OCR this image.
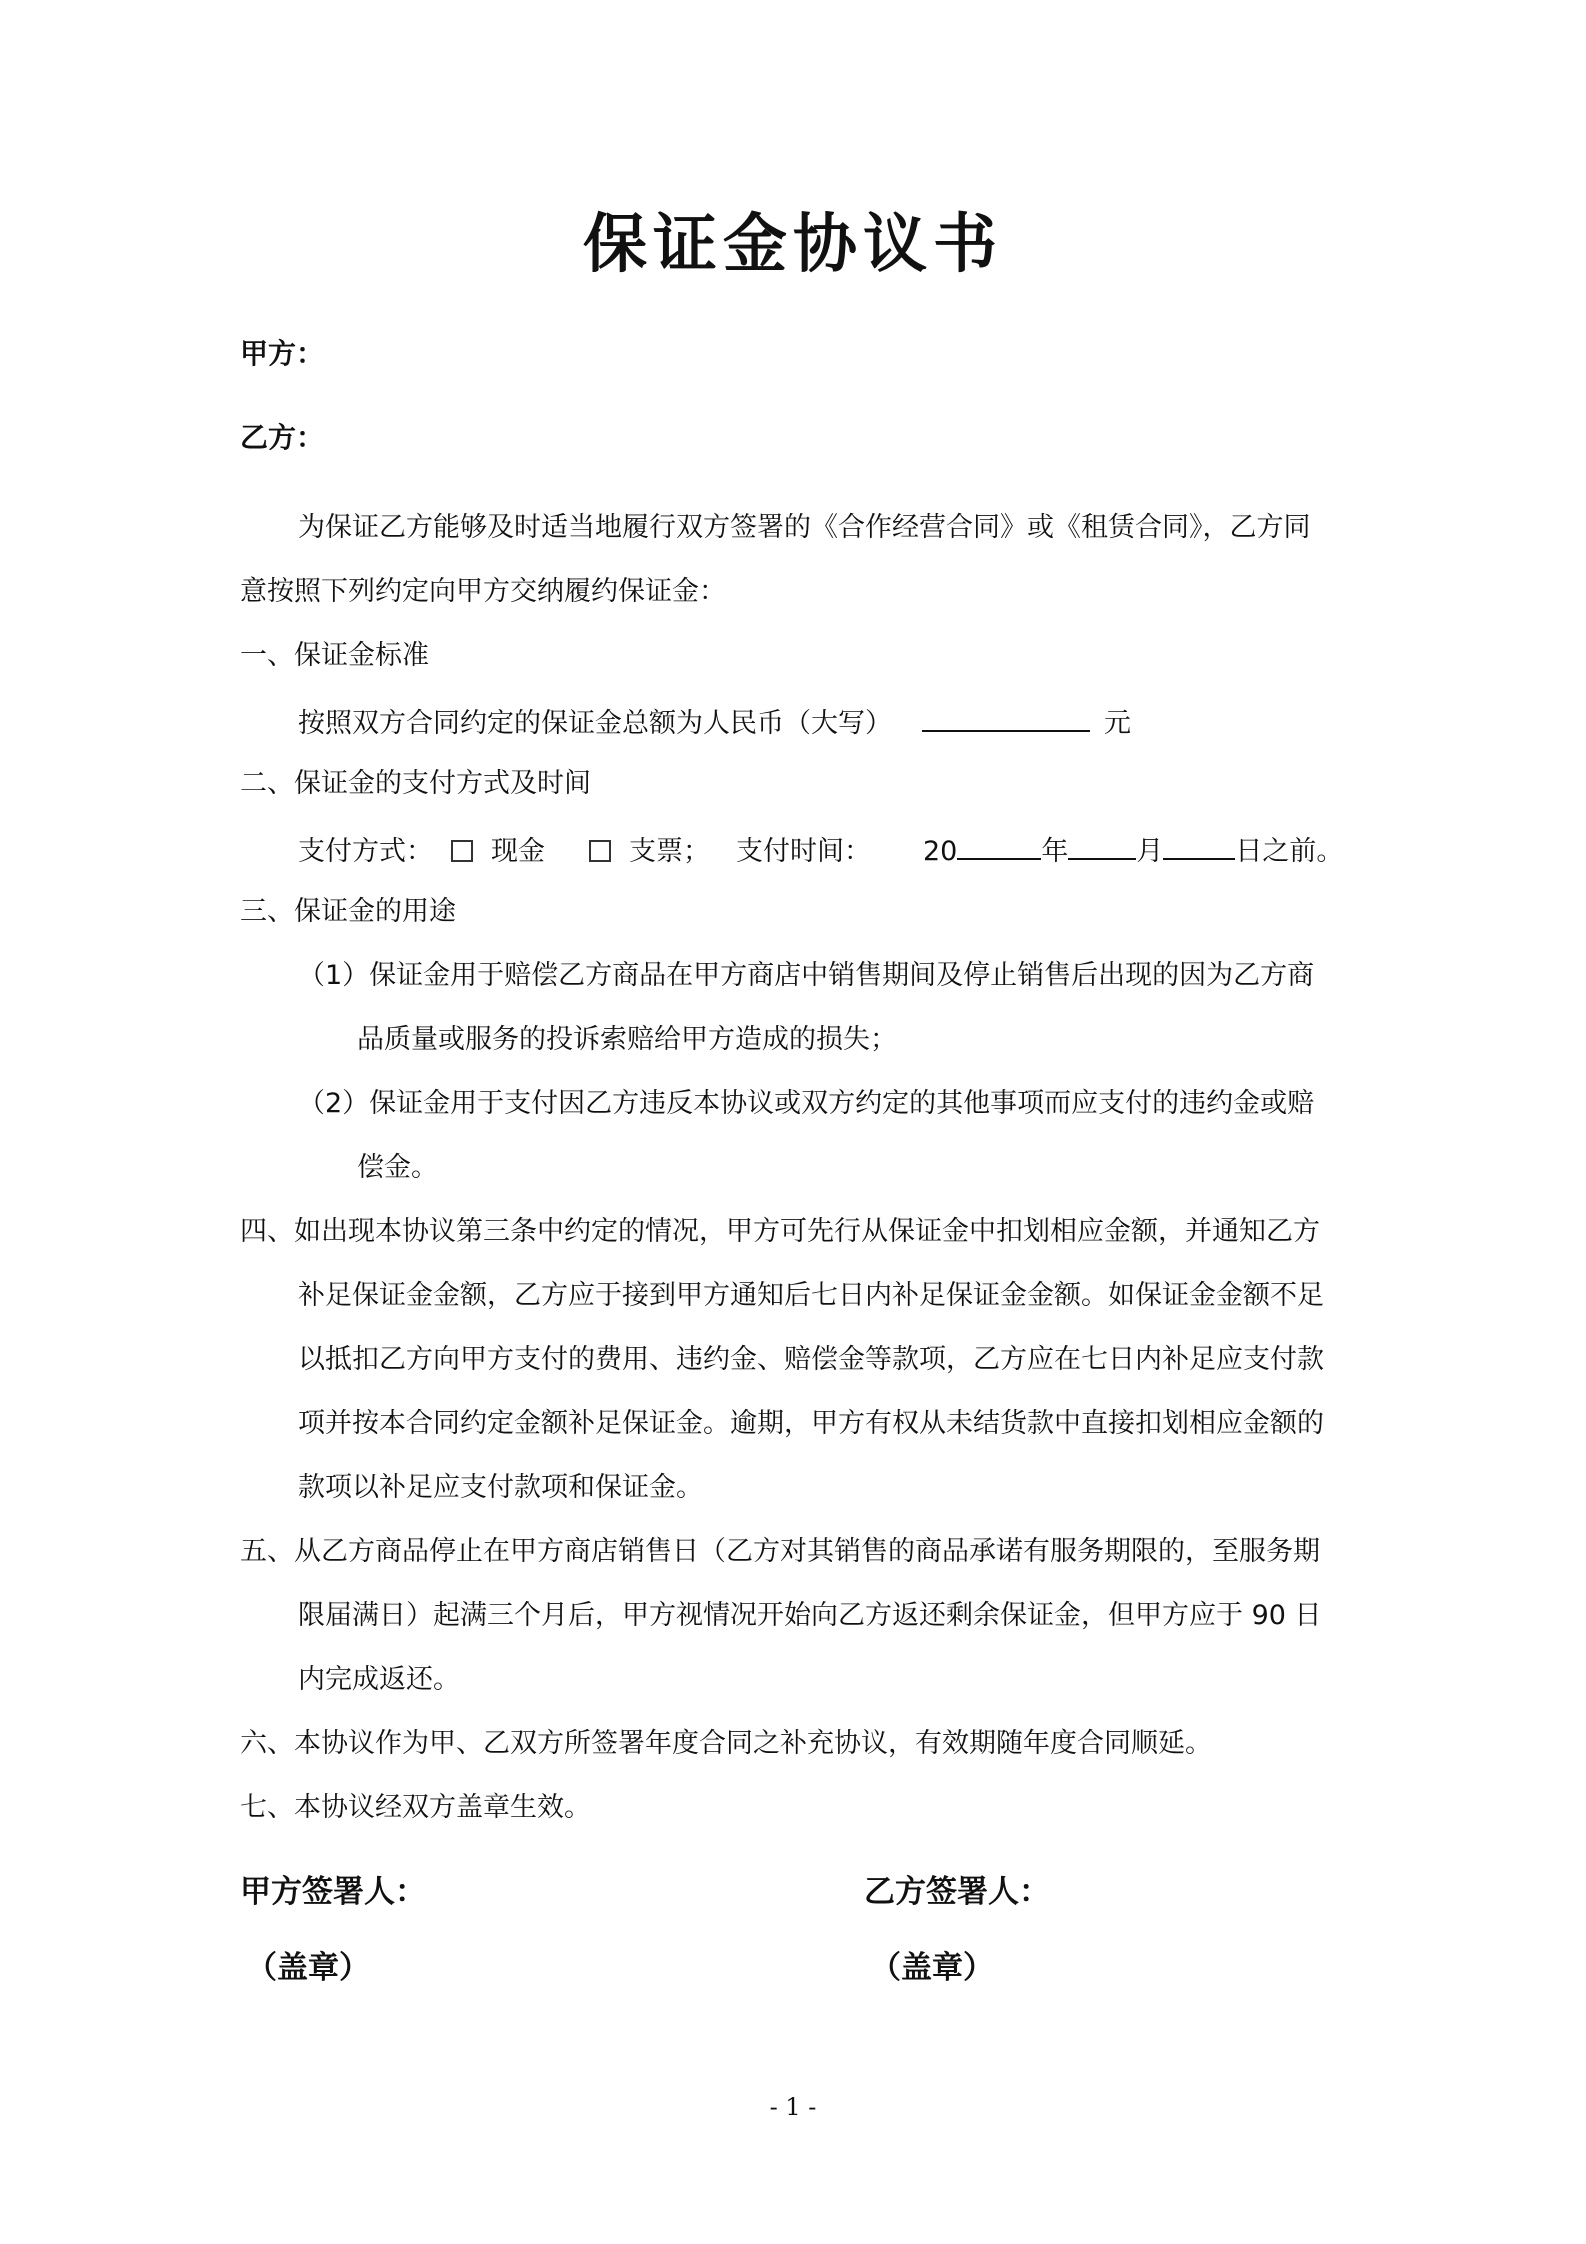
保证金协议书
甲方：
乙方：
为保证乙方能够及时适当地履行双方签署的《合作经营合同》或《租赁合同》，乙方同
意按照下列约定向甲方交纳履约保证金：
一、保证金标准
按照双方合同约定的保证金总额为人民币（大写）	元
二、保证金的支付方式及时间
支付方式： 现金	支票； 支付时间： 20	年	月	日之前。
三、保证金的用途
（1）保证金用于赔偿乙方商品在甲方商店中销售期间及停止销售后出现的因为乙方商
品质量或服务的投诉索赔给甲方造成的损失；
（2）保证金用于支付因乙方违反本协议或双方约定的其他事项而应支付的违约金或赔
偿金。
四、如出现本协议第三条中约定的情况，甲方可先行从保证金中扣划相应金额，并通知乙方
补足保证金金额，乙方应于接到甲方通知后七日内补足保证金金额。如保证金金额不足
以抵扣乙方向甲方支付的费用、违约金、赔偿金等款项，乙方应在七日内补足应支付款
项并按本合同约定金额补足保证金。逾期，甲方有权从未结货款中直接扣划相应金额的
款项以补足应支付款项和保证金。
五、从乙方商品停止在甲方商店销售日（乙方对其销售的商品承诺有服务期限的，至服务期
限届满日）起满三个月后，甲方视情况开始向乙方返还剩余保证金，但甲方应于 90 日
内完成返还。
六、本协议作为甲、乙双方所签署年度合同之补充协议，有效期随年度合同顺延。
七、本协议经双方盖章生效。
甲方签署人：
（盖章）
乙方签署人：
（盖章）
- 1 -
